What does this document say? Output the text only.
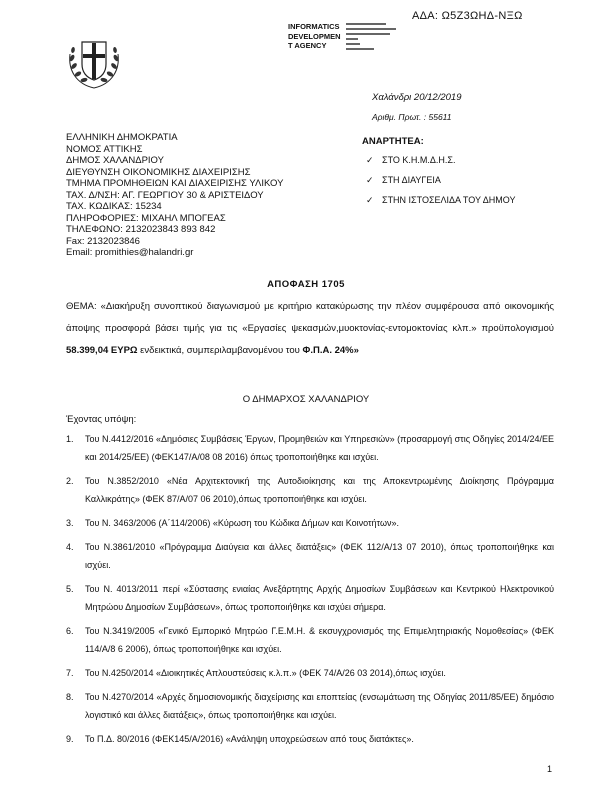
ΑΔΑ: Ω5Ζ3ΩΗΔ-ΝΞΩ
INFORMATICS
DEVELOPMEN
T AGENCY
Χαλάνδρι 20/12/2019
Αριθμ. Πρωτ. : 55611
ΕΛΛΗΝΙΚΗ ΔΗΜΟΚΡΑΤΙΑ
ΝΟΜΟΣ ΑΤΤΙΚΗΣ
ΔΗΜΟΣ ΧΑΛΑΝΔΡΙΟΥ
ΔΙΕΥΘΥΝΣΗ ΟΙΚΟΝΟΜΙΚΗΣ ΔΙΑΧΕΙΡΙΣΗΣ
ΤΜΗΜΑ ΠΡΟΜΗΘΕΙΩΝ ΚΑΙ ΔΙΑΧΕΙΡΙΣΗΣ ΥΛΙΚΟΥ
ΤΑΧ. Δ/ΝΣΗ: ΑΓ. ΓΕΩΡΓΙΟΥ 30 & ΑΡΙΣΤΕΙΔΟΥ
ΤΑΧ. ΚΩΔΙΚΑΣ: 15234
ΠΛΗΡΟΦΟΡΙΕΣ: ΜΙΧΑΗΛ ΜΠΟΓΕΑΣ
ΤΗΛΕΦΩΝΟ: 2132023843 893 842
Fax: 2132023846
Email: promithies@halandri.gr
ΑΝΑΡΤΗΤΕΑ:
✓ ΣΤΟ Κ.Η.Μ.Δ.Η.Σ.
✓ ΣΤΗ ΔΙΑΥΓΕΙΑ
✓ ΣΤΗΝ ΙΣΤΟΣΕΛΙΔΑ ΤΟΥ ΔΗΜΟΥ
ΑΠΟΦΑΣΗ 1705
ΘΕΜΑ: «Διακήρυξη συνοπτικού διαγωνισμού με κριτήριο κατακύρωσης την πλέον συμφέρουσα από οικονομικής άποψης προσφορά βάσει τιμής για τις «Εργασίες ψεκασμών,μυοκτονίας-εντομοκτονίας κλπ.» προϋπολογισμού 58.399,04 ΕΥΡΩ ενδεικτικά, συμπεριλαμβανομένου του Φ.Π.Α. 24%»
Ο ΔΗΜΑΡΧΟΣ ΧΑΛΑΝΔΡΙΟΥ
Έχοντας υπόψη:
1.	Του Ν.4412/2016 «Δημόσιες Συμβάσεις Έργων, Προμηθειών και Υπηρεσιών» (προσαρμογή στις Οδηγίες 2014/24/ΕΕ και 2014/25/ΕΕ) (ΦΕΚ147/Α/08 08 2016) όπως τροποποιήθηκε και ισχύει.
2.	Του Ν.3852/2010 «Νέα Αρχιτεκτονική της Αυτοδιοίκησης και της Αποκεντρωμένης Διοίκησης Πρόγραμμα Καλλικράτης» (ΦΕΚ 87/Α/07 06 2010),όπως τροποποιήθηκε και ισχύει.
3.	Του Ν. 3463/2006 (Α΄114/2006) «Κύρωση του Κώδικα Δήμων και Κοινοτήτων».
4.	Του Ν.3861/2010 «Πρόγραμμα Διαύγεια και άλλες διατάξεις» (ΦΕΚ 112/Α/13 07 2010), όπως τροποποιήθηκε και ισχύει.
5.	Του Ν. 4013/2011 περί «Σύστασης ενιαίας Ανεξάρτητης Αρχής Δημοσίων Συμβάσεων και Κεντρικού Ηλεκτρονικού Μητρώου Δημοσίων Συμβάσεων», όπως τροποποιήθηκε και ισχύει σήμερα.
6.	Του Ν.3419/2005 «Γενικό Εμπορικό Μητρώο Γ.Ε.Μ.Η. & εκσυγχρονισμός της Επιμελητηριακής Νομοθεσίας» (ΦΕΚ 114/Α/8 6 2006), όπως τροποποιήθηκε και ισχύει.
7.	Του Ν.4250/2014 «Διοικητικές Απλουστεύσεις κ.λ.π.» (ΦΕΚ 74/Α/26 03 2014),όπως ισχύει.
8.	Του Ν.4270/2014 «Αρχές δημοσιονομικής διαχείρισης και εποπτείας (ενσωμάτωση της Οδηγίας 2011/85/ΕΕ) δημόσιο λογιστικό και άλλες διατάξεις», όπως τροποποιήθηκε και ισχύει.
9.	Το Π.Δ. 80/2016 (ΦΕΚ145/Α/2016) «Ανάληψη υποχρεώσεων από τους διατάκτες».
1
